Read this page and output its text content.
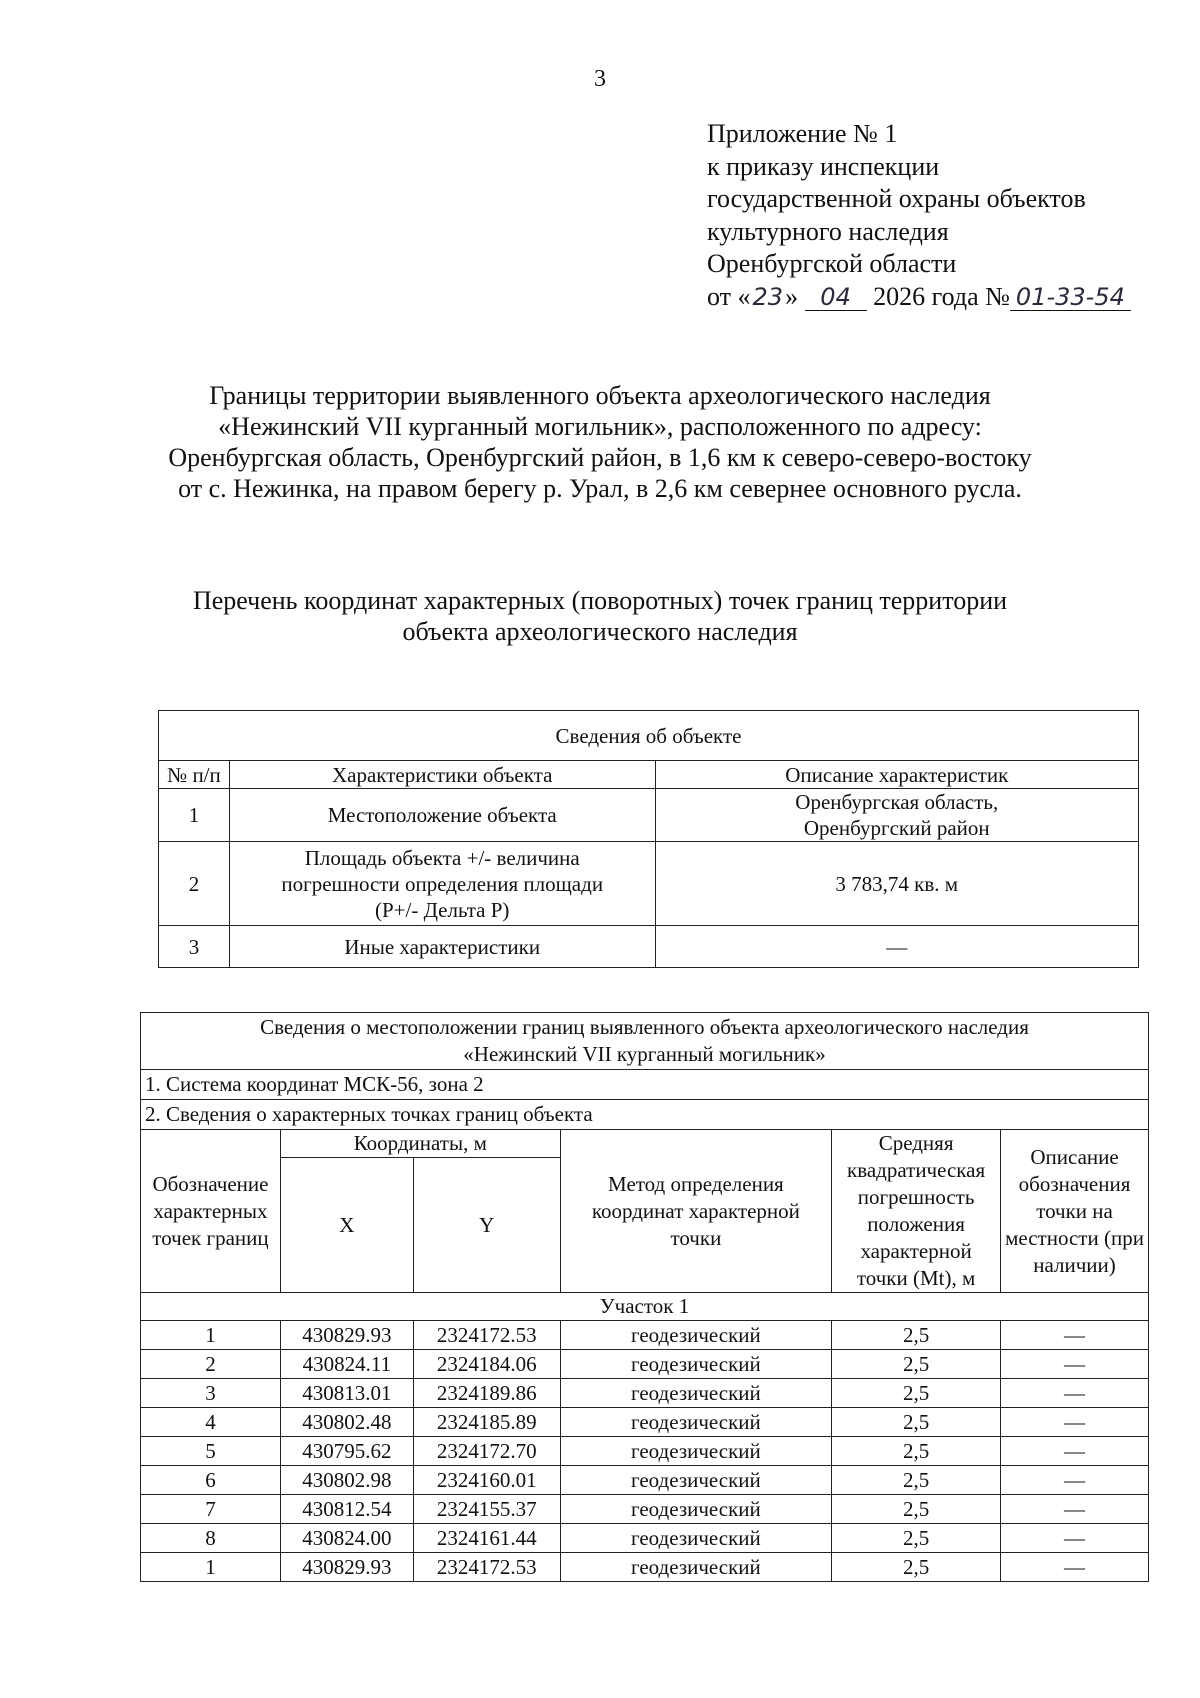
3
Приложение № 1
к приказу инспекции
государственной охраны объектов
культурного наследия
Оренбургской области
от «23» 04 2026 года № 01-33-54
Границы территории выявленного объекта археологического наследия
«Нежинский VII курганный могильник», расположенного по адресу:
Оренбургская область, Оренбургский район, в 1,6 км к северо-северо-востоку
от с. Нежинка, на правом берегу р. Урал, в 2,6 км севернее основного русла.
Перечень координат характерных (поворотных) точек границ территории
объекта археологического наследия
Сведения об объекте		
№ п/п	Характеристики объекта	Описание характеристик
1	Местоположение объекта	Оренбургская область,
Оренбургский район

2	Площадь объекта +/- величина
погрешности определения площади
(Р+/- Дельта Р)	3 783,74 кв. м
3	Иные характеристики	—
Сведения о местоположении границ выявленного объекта археологического наследия
«Нежинский VII курганный могильник»					

1. Система координат МСК-56, зона 2					
2. Сведения о характерных точках границ объекта					
Обозначение характерных точек границ	Координаты, м		Метод определения координат характерной точки	Средняя квадратическая погрешность положения характерной точки (Mt), м	Описание обозначения точки на местности (при наличии)
	X	Y			
Участок 1					
1	430829.93	2324172.53	геодезический	2,5	—
2	430824.11	2324184.06	геодезический	2,5	—
3	430813.01	2324189.86	геодезический	2,5	—
4	430802.48	2324185.89	геодезический	2,5	—
5	430795.62	2324172.70	геодезический	2,5	—
6	430802.98	2324160.01	геодезический	2,5	—
7	430812.54	2324155.37	геодезический	2,5	—
8	430824.00	2324161.44	геодезический	2,5	—
1	430829.93	2324172.53	геодезический	2,5	—
